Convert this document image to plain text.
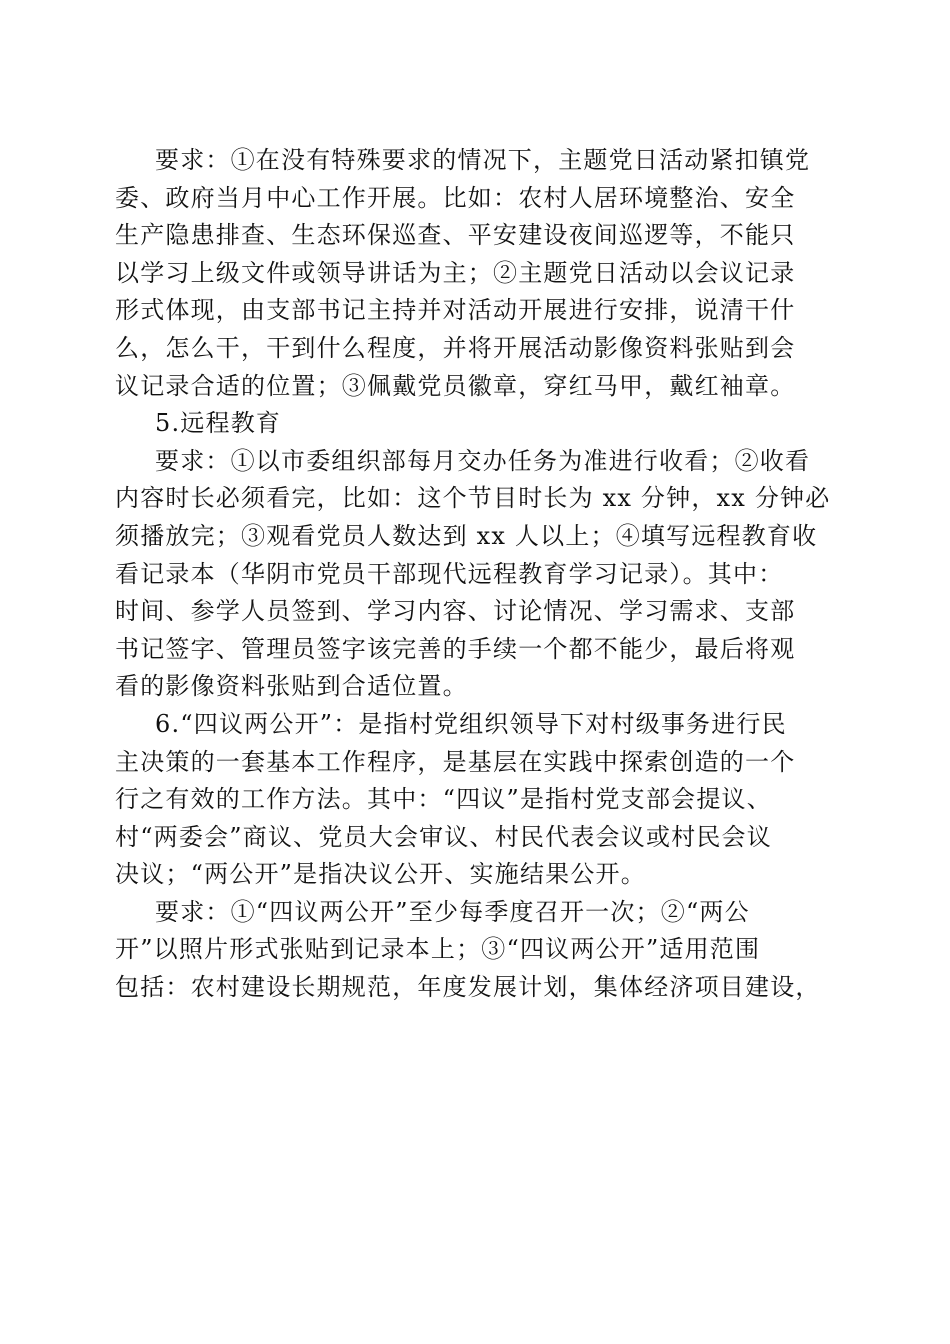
要求：①在没有特殊要求的情况下，主题党日活动紧扣镇党
委、政府当月中心工作开展。比如：农村人居环境整治、安全
生产隐患排查、生态环保巡查、平安建设夜间巡逻等，不能只
以学习上级文件或领导讲话为主；②主题党日活动以会议记录
形式体现，由支部书记主持并对活动开展进行安排，说清干什
么，怎么干，干到什么程度，并将开展活动影像资料张贴到会
议记录合适的位置；③佩戴党员徽章，穿红马甲，戴红袖章。

5.远程教育

要求：①以市委组织部每月交办任务为准进行收看；②收看
内容时长必须看完，比如：这个节目时长为 xx 分钟，xx 分钟必
须播放完；③观看党员人数达到 xx 人以上；④填写远程教育收
看记录本（华阴市党员干部现代远程教育学习记录）。其中：
时间、参学人员签到、学习内容、讨论情况、学习需求、支部
书记签字、管理员签字该完善的手续一个都不能少，最后将观
看的影像资料张贴到合适位置。

6.“四议两公开”：是指村党组织领导下对村级事务进行民
主决策的一套基本工作程序，是基层在实践中探索创造的一个
行之有效的工作方法。其中：“四议”是指村党支部会提议、
村“两委会”商议、党员大会审议、村民代表会议或村民会议
决议；“两公开”是指决议公开、实施结果公开。

要求：①“四议两公开”至少每季度召开一次；②“两公
开”以照片形式张贴到记录本上；③“四议两公开”适用范围
包括：农村建设长期规范，年度发展计划，集体经济项目建设，
